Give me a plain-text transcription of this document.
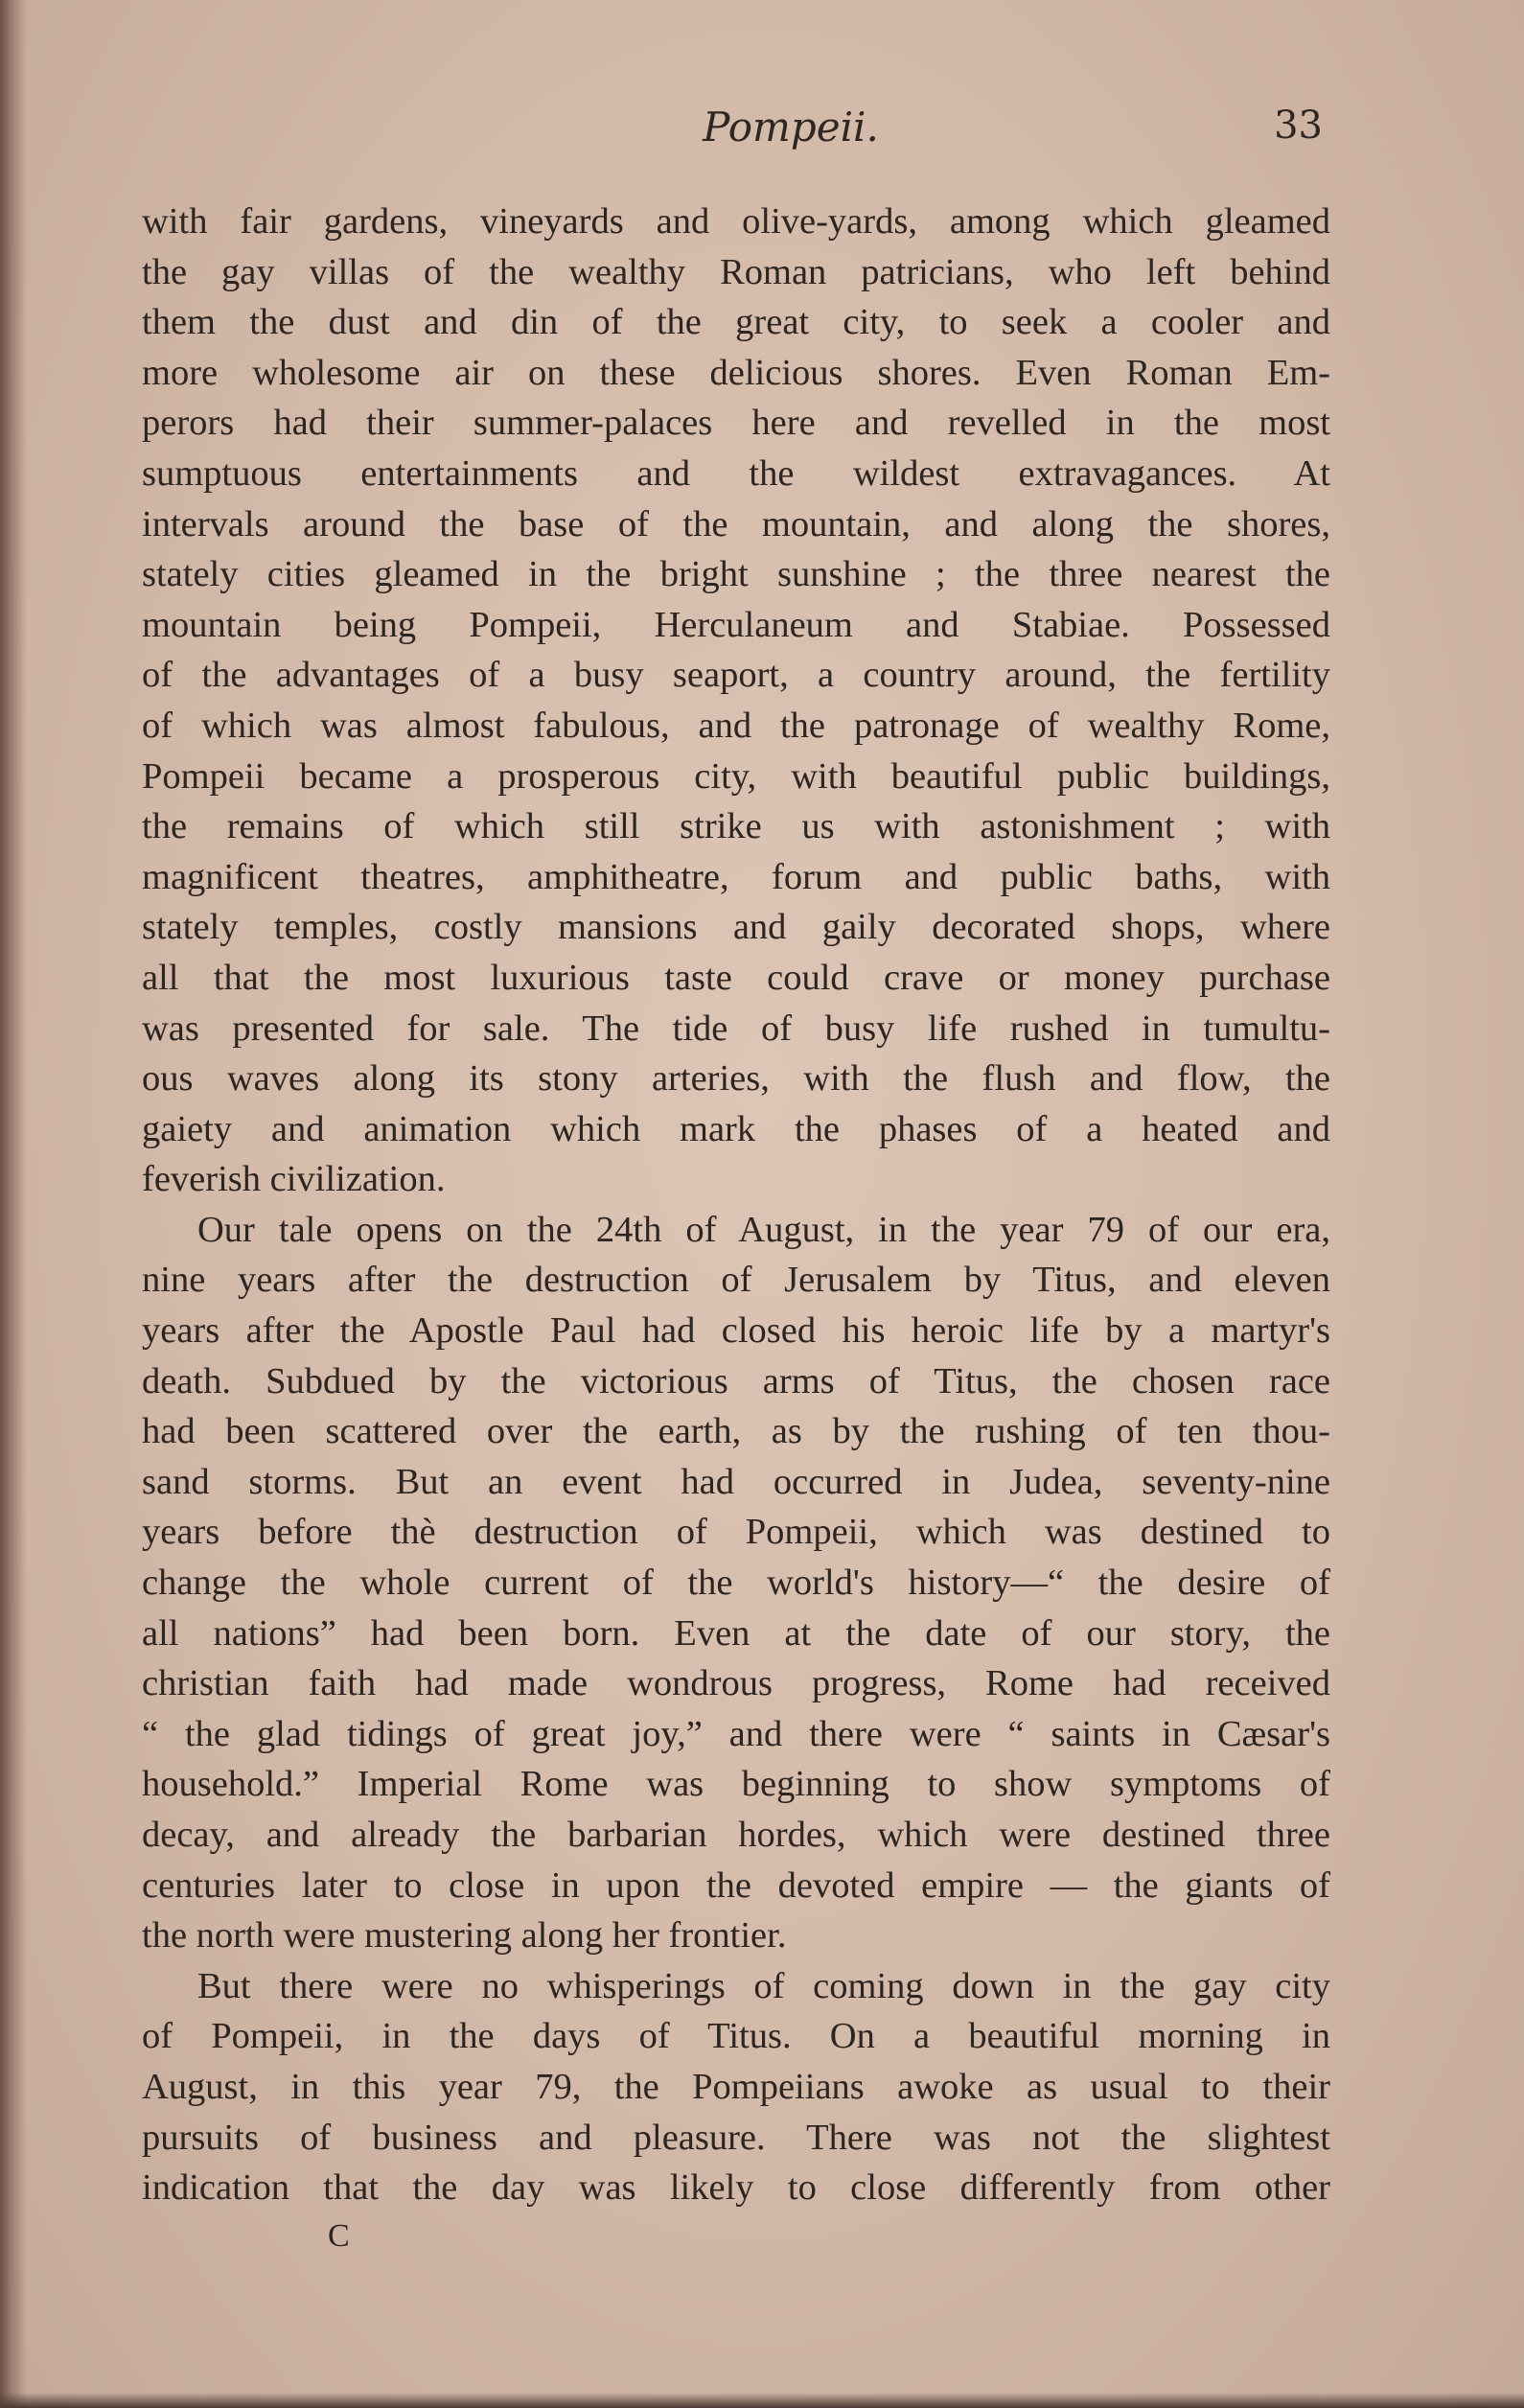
Pompeii.	33
with fair gardens, vineyards and olive-yards, among which gleamed
the gay villas of the wealthy Roman patricians, who left behind
them the dust and din of the great city, to seek a cooler and
more wholesome air on these delicious shores. Even Roman Em-
perors had their summer-palaces here and revelled in the most
sumptuous entertainments and the wildest extravagances. At
intervals around the base of the mountain, and along the shores,
stately cities gleamed in the bright sunshine ; the three nearest the
mountain being Pompeii, Herculaneum and Stabiae. Possessed
of the advantages of a busy seaport, a country around, the fertility
of which was almost fabulous, and the patronage of wealthy Rome,
Pompeii became a prosperous city, with beautiful public buildings,
the remains of which still strike us with astonishment ; with
magnificent theatres, amphitheatre, forum and public baths, with
stately temples, costly mansions and gaily decorated shops, where
all that the most luxurious taste could crave or money purchase
was presented for sale. The tide of busy life rushed in tumultu-
ous waves along its stony arteries, with the flush and flow, the
gaiety and animation which mark the phases of a heated and
feverish civilization.
Our tale opens on the 24th of August, in the year 79 of our era,
nine years after the destruction of Jerusalem by Titus, and eleven
years after the Apostle Paul had closed his heroic life by a martyr's
death. Subdued by the victorious arms of Titus, the chosen race
had been scattered over the earth, as by the rushing of ten thou-
sand storms. But an event had occurred in Judea, seventy-nine
years before thè destruction of Pompeii, which was destined to
change the whole current of the world's history—“ the desire of
all nations” had been born. Even at the date of our story, the
christian faith had made wondrous progress, Rome had received
“ the glad tidings of great joy,” and there were “ saints in Cæsar's
household.” Imperial Rome was beginning to show symptoms of
decay, and already the barbarian hordes, which were destined three
centuries later to close in upon the devoted empire — the giants of
the north were mustering along her frontier.
But there were no whisperings of coming down in the gay city
of Pompeii, in the days of Titus. On a beautiful morning in
August, in this year 79, the Pompeiians awoke as usual to their
pursuits of business and pleasure. There was not the slightest
indication that the day was likely to close differently from other
C
